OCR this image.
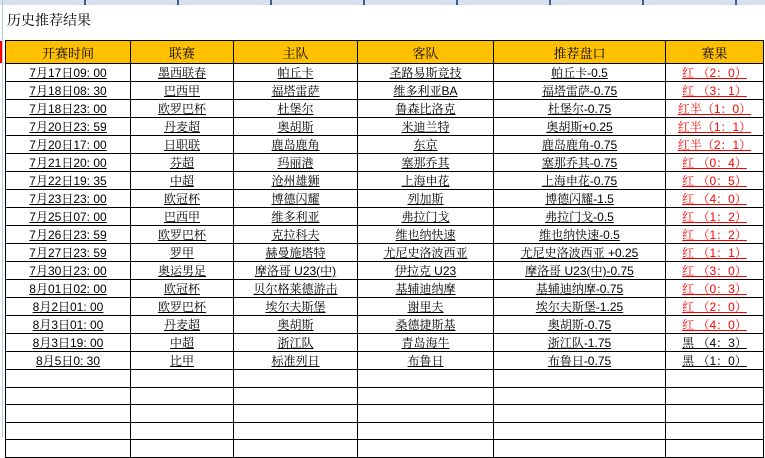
历史推荐结果
开赛时间	联赛	主队	客队	推荐盘口	赛果
7月17日09: 00	墨西联春	帕丘卡	圣路易斯竞技	帕丘卡-0.5	红 （2：0）
7月18日08: 30	巴西甲	福塔雷萨	维多利亚BA	福塔雷萨-0.75	红 （3：1）
7月18日23: 00	欧罗巴杯	杜堡尔	鲁森比洛克	杜堡尔-0.75	红半（1：0）
7月20日23: 59	丹麦超	奥胡斯	米迪兰特	奥胡斯+0.25	红半（1：1）
7月20日17: 00	日职联	鹿岛鹿角	东京	鹿岛鹿角-0.75	红半（2：1）
7月21日20: 00	芬超	玛丽港	塞那乔其	塞那乔其-0.75	红 （0：4）
7月22日19: 35	中超	沧州雄狮	上海申花	上海申花-0.75	红 （0：5）
7月23日23: 00	欧冠杯	博德闪耀	列加斯	博德闪耀-1.5	红 （4：0）
7月25日07: 00	巴西甲	维多利亚	弗拉门戈	弗拉门戈-0.5	红 （1：2）
7月26日23: 59	欧罗巴杯	克拉科夫	维也纳快速	维也纳快速-0.5	红 （1：2）
7月27日23: 59	罗甲	赫曼施塔特	尤尼史洛波西亚	尤尼史洛波西亚 +0.25	红 （1：1）
7月30日23: 00	奥运男足	摩洛哥 U23(中)	伊拉克 U23	摩洛哥 U23(中)-0.75	红 （3：0）
8月01日02: 00	欧冠杯	贝尔格莱德游击	基辅迪纳摩	基辅迪纳摩-0.75	红 （0：3）
8月2日01: 00	欧罗巴杯	埃尔夫斯堡	谢里夫	埃尔夫斯堡-1.25	红 （2：0）
8月3日01: 00	丹麦超	奥胡斯	桑德捷斯基	奥胡斯-0.75	红 （4：0）
8月3日19: 00	中超	浙江队	青岛海牛	浙江队-1.75	黑 （4：3）
8月5日0: 30	比甲	标准列日	布鲁日	布鲁日-0.75	黑 （1：0）
